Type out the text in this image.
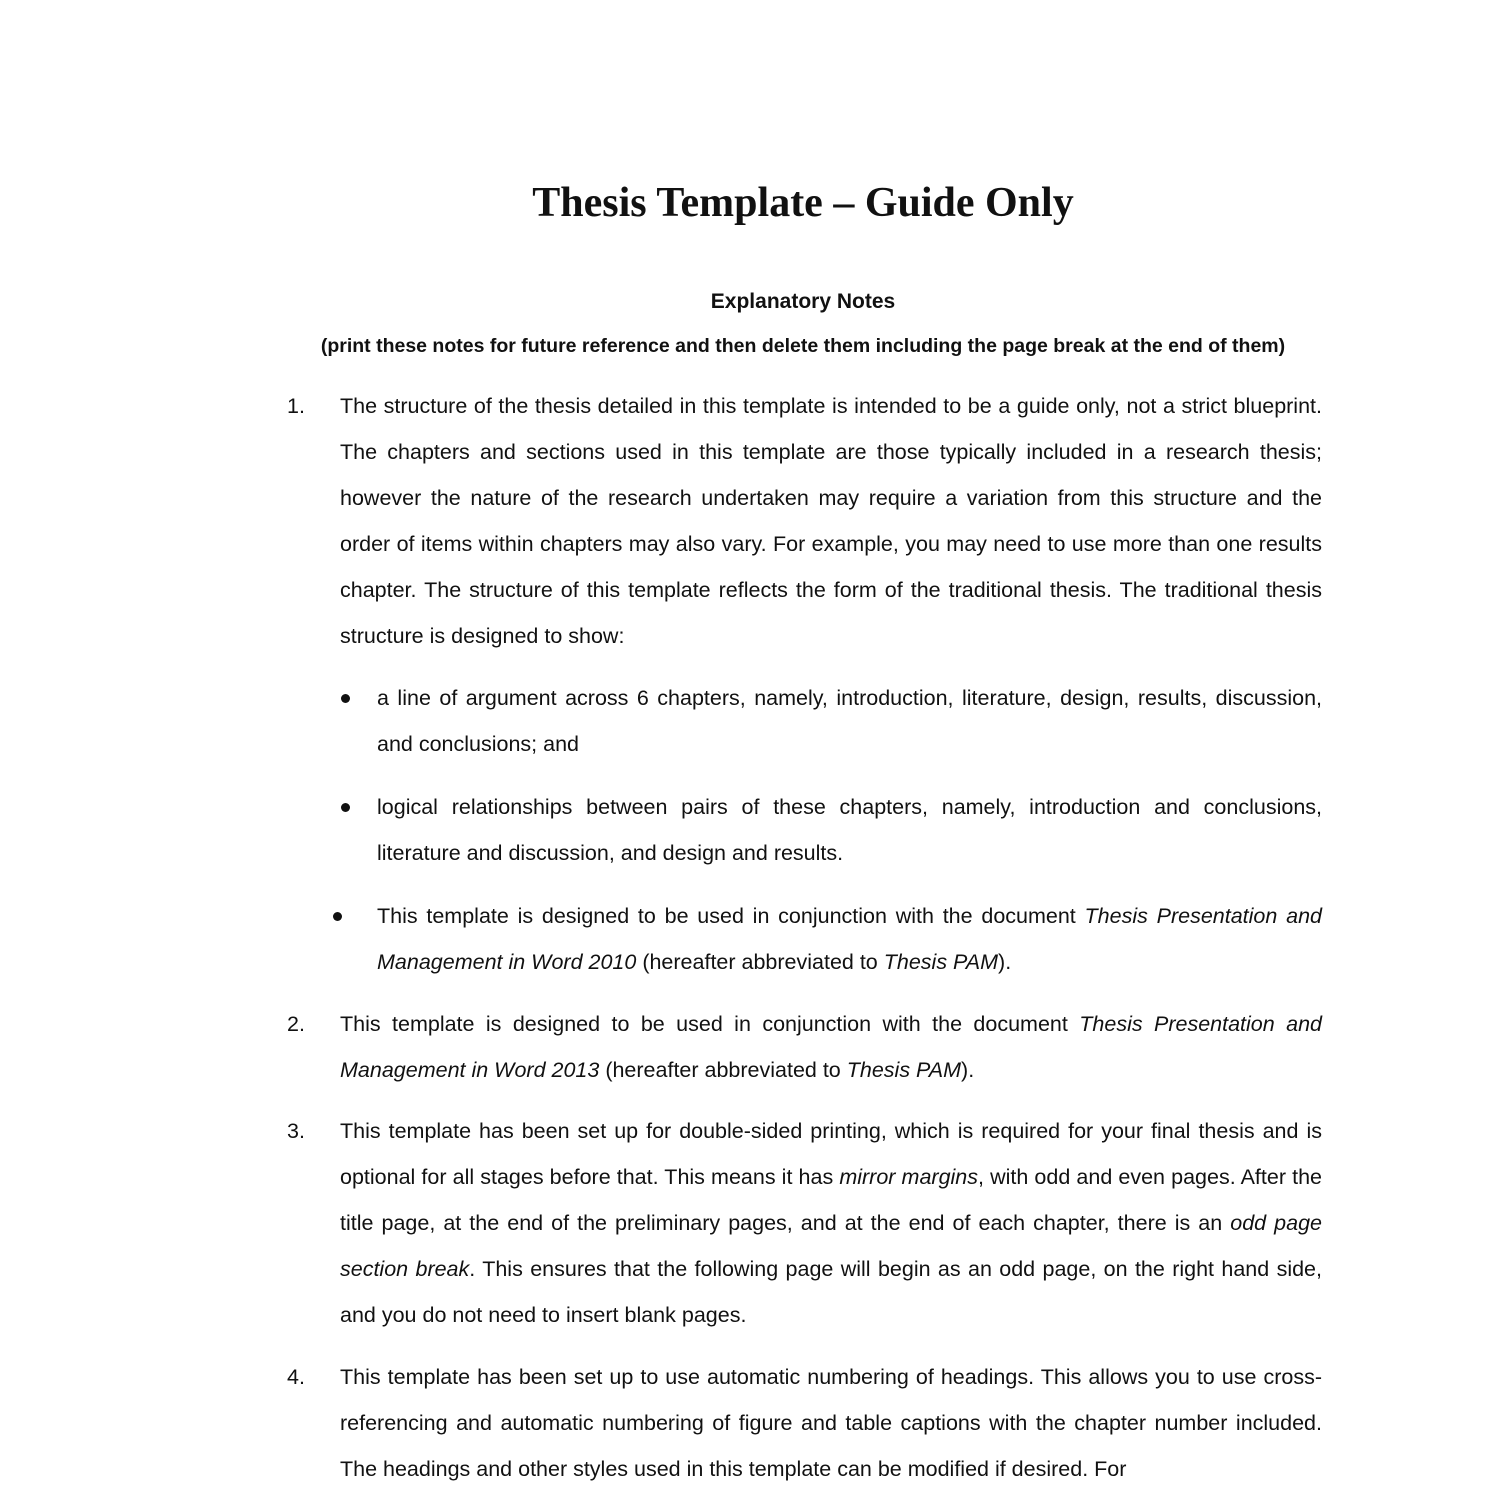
Thesis Template – Guide Only
Explanatory Notes
(print these notes for future reference and then delete them including the page break at the end of them)
1. The structure of the thesis detailed in this template is intended to be a guide only, not a strict blueprint. The chapters and sections used in this template are those typically included in a research thesis; however the nature of the research undertaken may require a variation from this structure and the order of items within chapters may also vary. For example, you may need to use more than one results chapter. The structure of this template reflects the form of the traditional thesis. The traditional thesis structure is designed to show:
a line of argument across 6 chapters, namely, introduction, literature, design, results, discussion, and conclusions; and
logical relationships between pairs of these chapters, namely, introduction and conclusions, literature and discussion, and design and results.
This template is designed to be used in conjunction with the document Thesis Presentation and Management in Word 2010 (hereafter abbreviated to Thesis PAM).
2. This template is designed to be used in conjunction with the document Thesis Presentation and Management in Word 2013 (hereafter abbreviated to Thesis PAM).
3. This template has been set up for double-sided printing, which is required for your final thesis and is optional for all stages before that. This means it has mirror margins, with odd and even pages. After the title page, at the end of the preliminary pages, and at the end of each chapter, there is an odd page section break. This ensures that the following page will begin as an odd page, on the right hand side, and you do not need to insert blank pages.
4. This template has been set up to use automatic numbering of headings. This allows you to use cross-referencing and automatic numbering of figure and table captions with the chapter number included. The headings and other styles used in this template can be modified if desired. For
